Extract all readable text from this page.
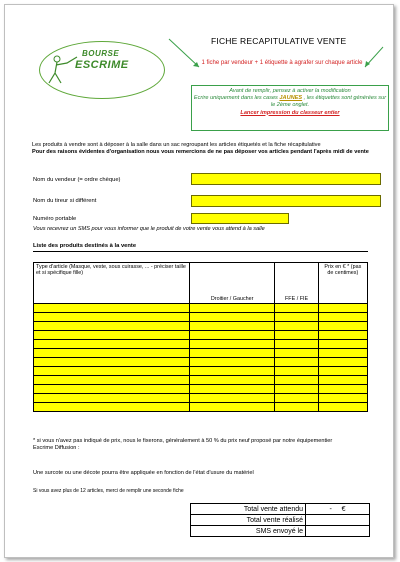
BOURSE
ESCRIME
FICHE RECAPITULATIVE VENTE
1 fiche par vendeur + 1 étiquette à agrafer sur chaque article
Avant de remplir, pensez à activer la modification
Ecrire uniquement dans les cases JAUNES , les étiquettes sont générées sur le 2ème onglet.
Lancer impression du classeur entier
Les produits à vendre sont à déposer à la salle dans un sac regroupant les articles étiquetés et la fiche récapitulative
Pour des raisons évidentes d'organisation nous vous remercions de ne pas déposer vos articles pendant l'après midi de vente
Nom du vendeur (= ordre chèque)
Nom du tireur si différent
Numéro portable
Vous recevrez un SMS pour vous informer que le produit de votre vente vous attend à la salle
Liste des produits destinés à la vente
Type d'article (Masque, veste, sous cuirasse, ... - préciser taille et si spécifique fille)	Droitier / Gaucher	FFE / FIE	Prix en € * (pas de centimes)

* si vous n'avez pas indiqué de prix, nous le fixerons, généralement à 50 % du prix neuf proposé par notre équipementier Escrime Diffusion :
Une surcote ou une décote pourra être appliquée en fonction de l'état d'usure du matériel
Si vous avez plus de 12 articles, merci de remplir une seconde fiche
Total vente attendu	- €
Total vente réalisé	
SMS envoyé le	
